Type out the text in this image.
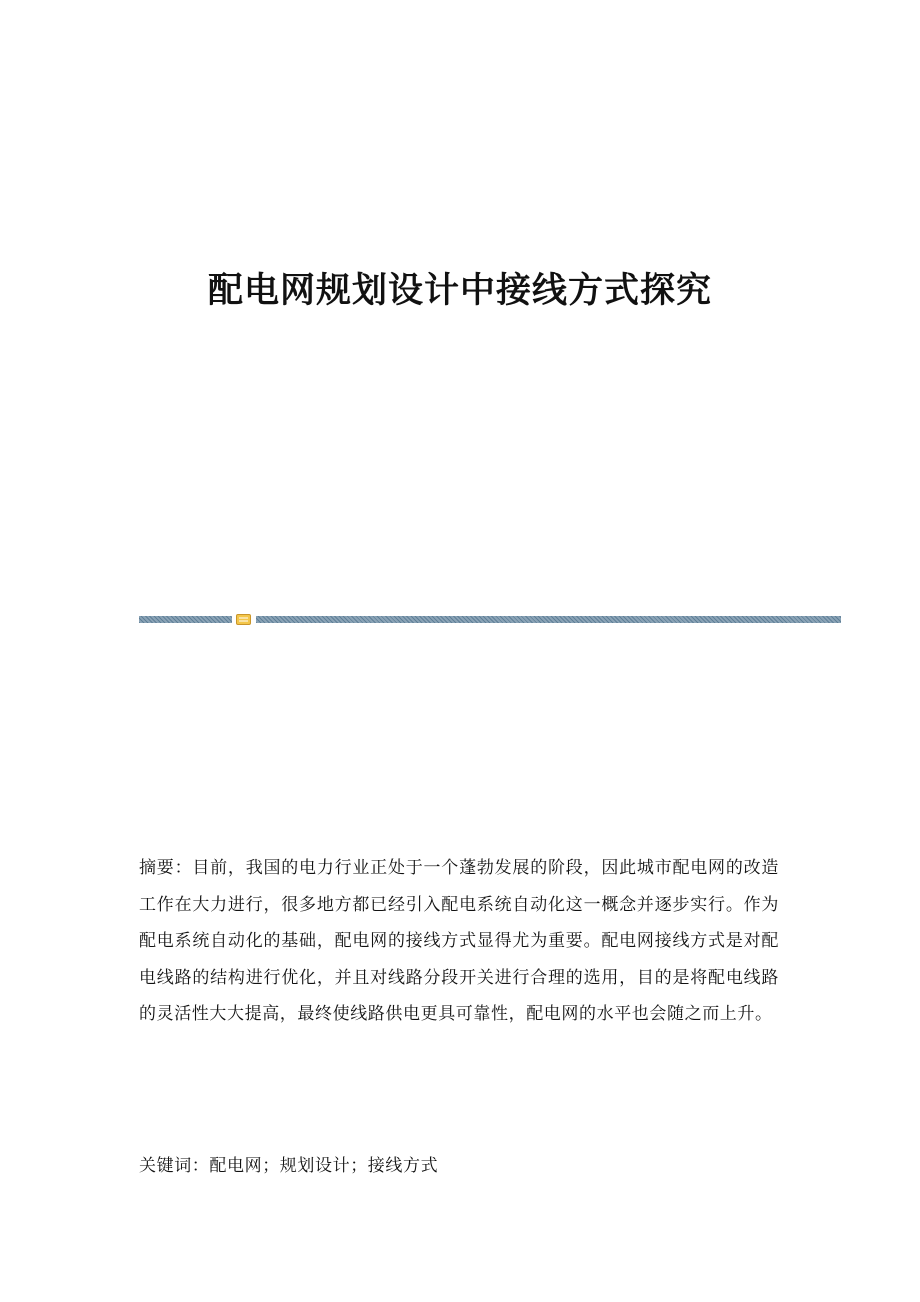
配电网规划设计中接线方式探究

摘要：目前，我国的电力行业正处于一个蓬勃发展的阶段，因此城市配电网的改造工作在大力进行，很多地方都已经引入配电系统自动化这一概念并逐步实行。作为配电系统自动化的基础，配电网的接线方式显得尤为重要。配电网接线方式是对配电线路的结构进行优化，并且对线路分段开关进行合理的选用，目的是将配电线路的灵活性大大提高，最终使线路供电更具可靠性，配电网的水平也会随之而上升。

关键词：配电网；规划设计；接线方式
